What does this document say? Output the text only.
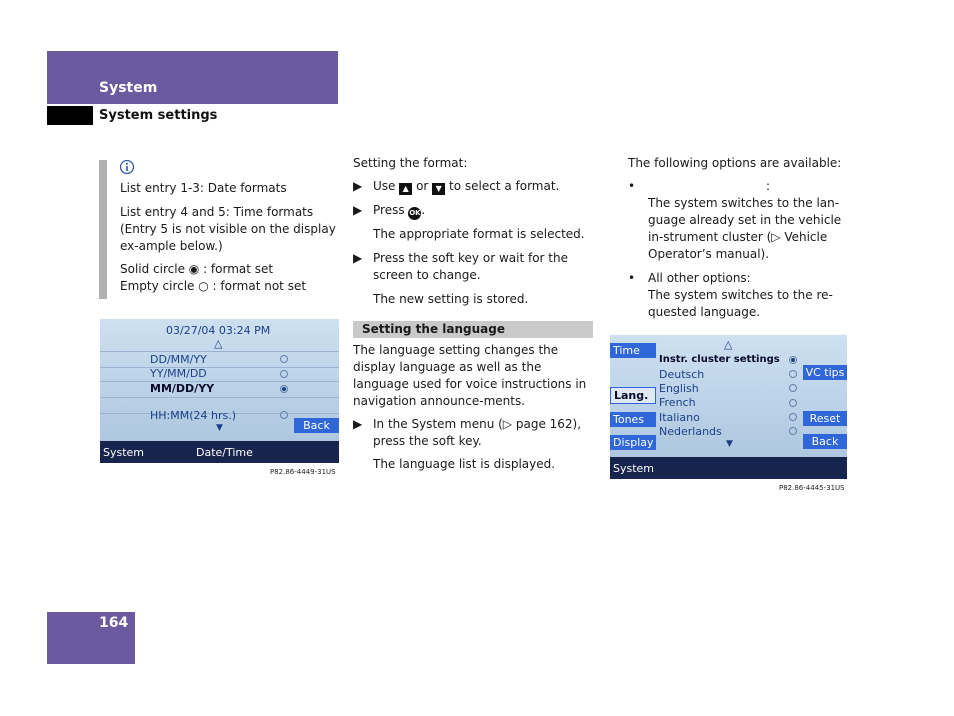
System
System settings
List entry 1-3: Date formats
List entry 4 and 5: Time formats (Entry 5 is not visible on the display ex-ample below.)
Solid circle ◉ : format set
Empty circle ○ : format not set
03/27/04 03:24 PM
△
DD/MM/YY
YY/MM/DD
MM/DD/YY
HH:MM(24 hrs.)
▼	Back
System	Date/Time
P82.86-4449-31US
Setting the format:
▶ Use ▲ or ▼ to select a format.
▶ Press OK.
The appropriate format is selected.
▶ Press the soft key or wait for the screen to change.
The new setting is stored.
Setting the language
The language setting changes the display language as well as the language used for voice instructions in navigation announce-ments.
▶ In the System menu (▷ page 162), press the soft key.
The language list is displayed.
The following options are available:
•	:
The system switches to the lan-guage already set in the vehicle in-strument cluster (▷ Vehicle Operator’s manual).
• All other options:
The system switches to the re-quested language.
Time
Lang.
Tones
Display
△
Instr. cluster settings
Deutsch
English
French
Italiano
Nederlands
▼
VC tips
Reset
Back
System
P82.86-4445-31US
164
